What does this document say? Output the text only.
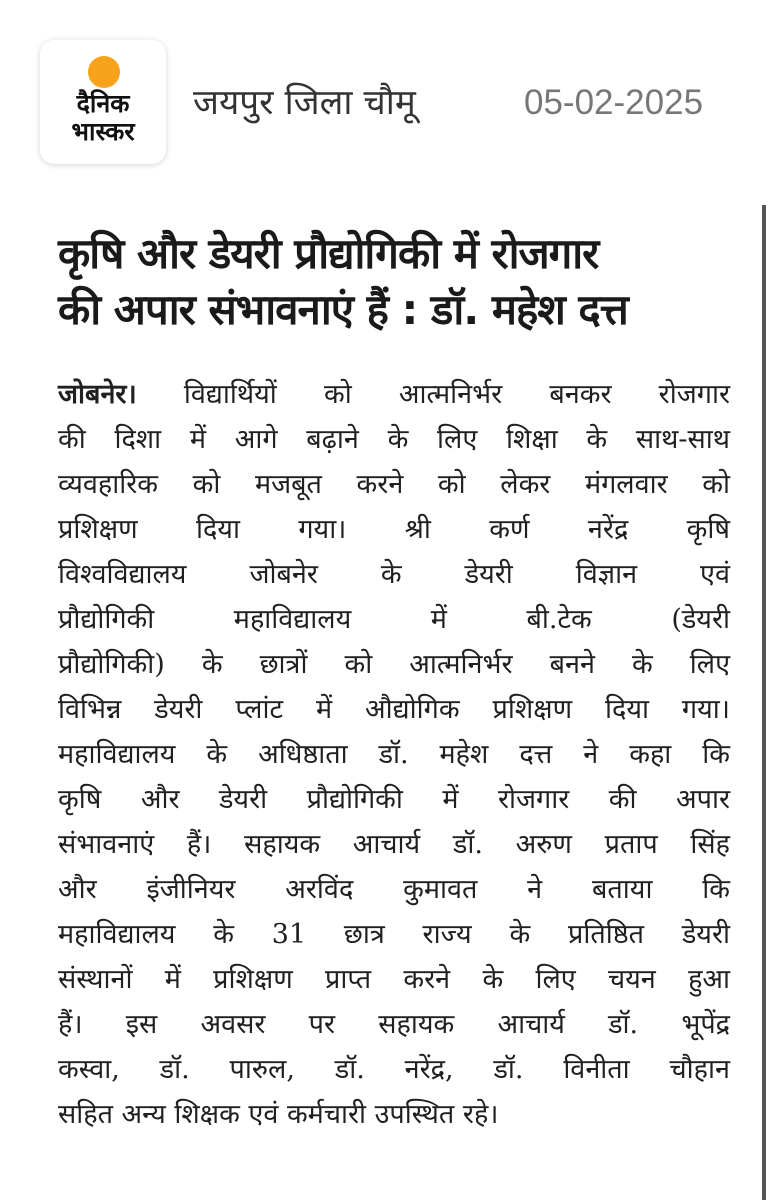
दैनिक
भास्कर
जयपुर जिला चौमू	05-02-2025
कृषि और डेयरी प्रौद्योगिकी में रोजगार
की अपार संभावनाएं हैं : डॉ. महेश दत्त
जोबनेर। विद्यार्थियों को आत्मनिर्भर बनकर रोजगार
की दिशा में आगे बढ़ाने के लिए शिक्षा के साथ-साथ
व्यवहारिक को मजबूत करने को लेकर मंगलवार को
प्रशिक्षण दिया गया। श्री कर्ण नरेंद्र कृषि
विश्वविद्यालय जोबनेर के डेयरी विज्ञान एवं
प्रौद्योगिकी महाविद्यालय में बी.टेक (डेयरी
प्रौद्योगिकी) के छात्रों को आत्मनिर्भर बनने के लिए
विभिन्न डेयरी प्लांट में औद्योगिक प्रशिक्षण दिया गया।
महाविद्यालय के अधिष्ठाता डॉ. महेश दत्त ने कहा कि
कृषि और डेयरी प्रौद्योगिकी में रोजगार की अपार
संभावनाएं हैं। सहायक आचार्य डॉ. अरुण प्रताप सिंह
और इंजीनियर अरविंद कुमावत ने बताया कि
महाविद्यालय के 31 छात्र राज्य के प्रतिष्ठित डेयरी
संस्थानों में प्रशिक्षण प्राप्त करने के लिए चयन हुआ
हैं। इस अवसर पर सहायक आचार्य डॉ. भूपेंद्र
कस्वा, डॉ. पारुल, डॉ. नरेंद्र, डॉ. विनीता चौहान
सहित अन्य शिक्षक एवं कर्मचारी उपस्थित रहे।
